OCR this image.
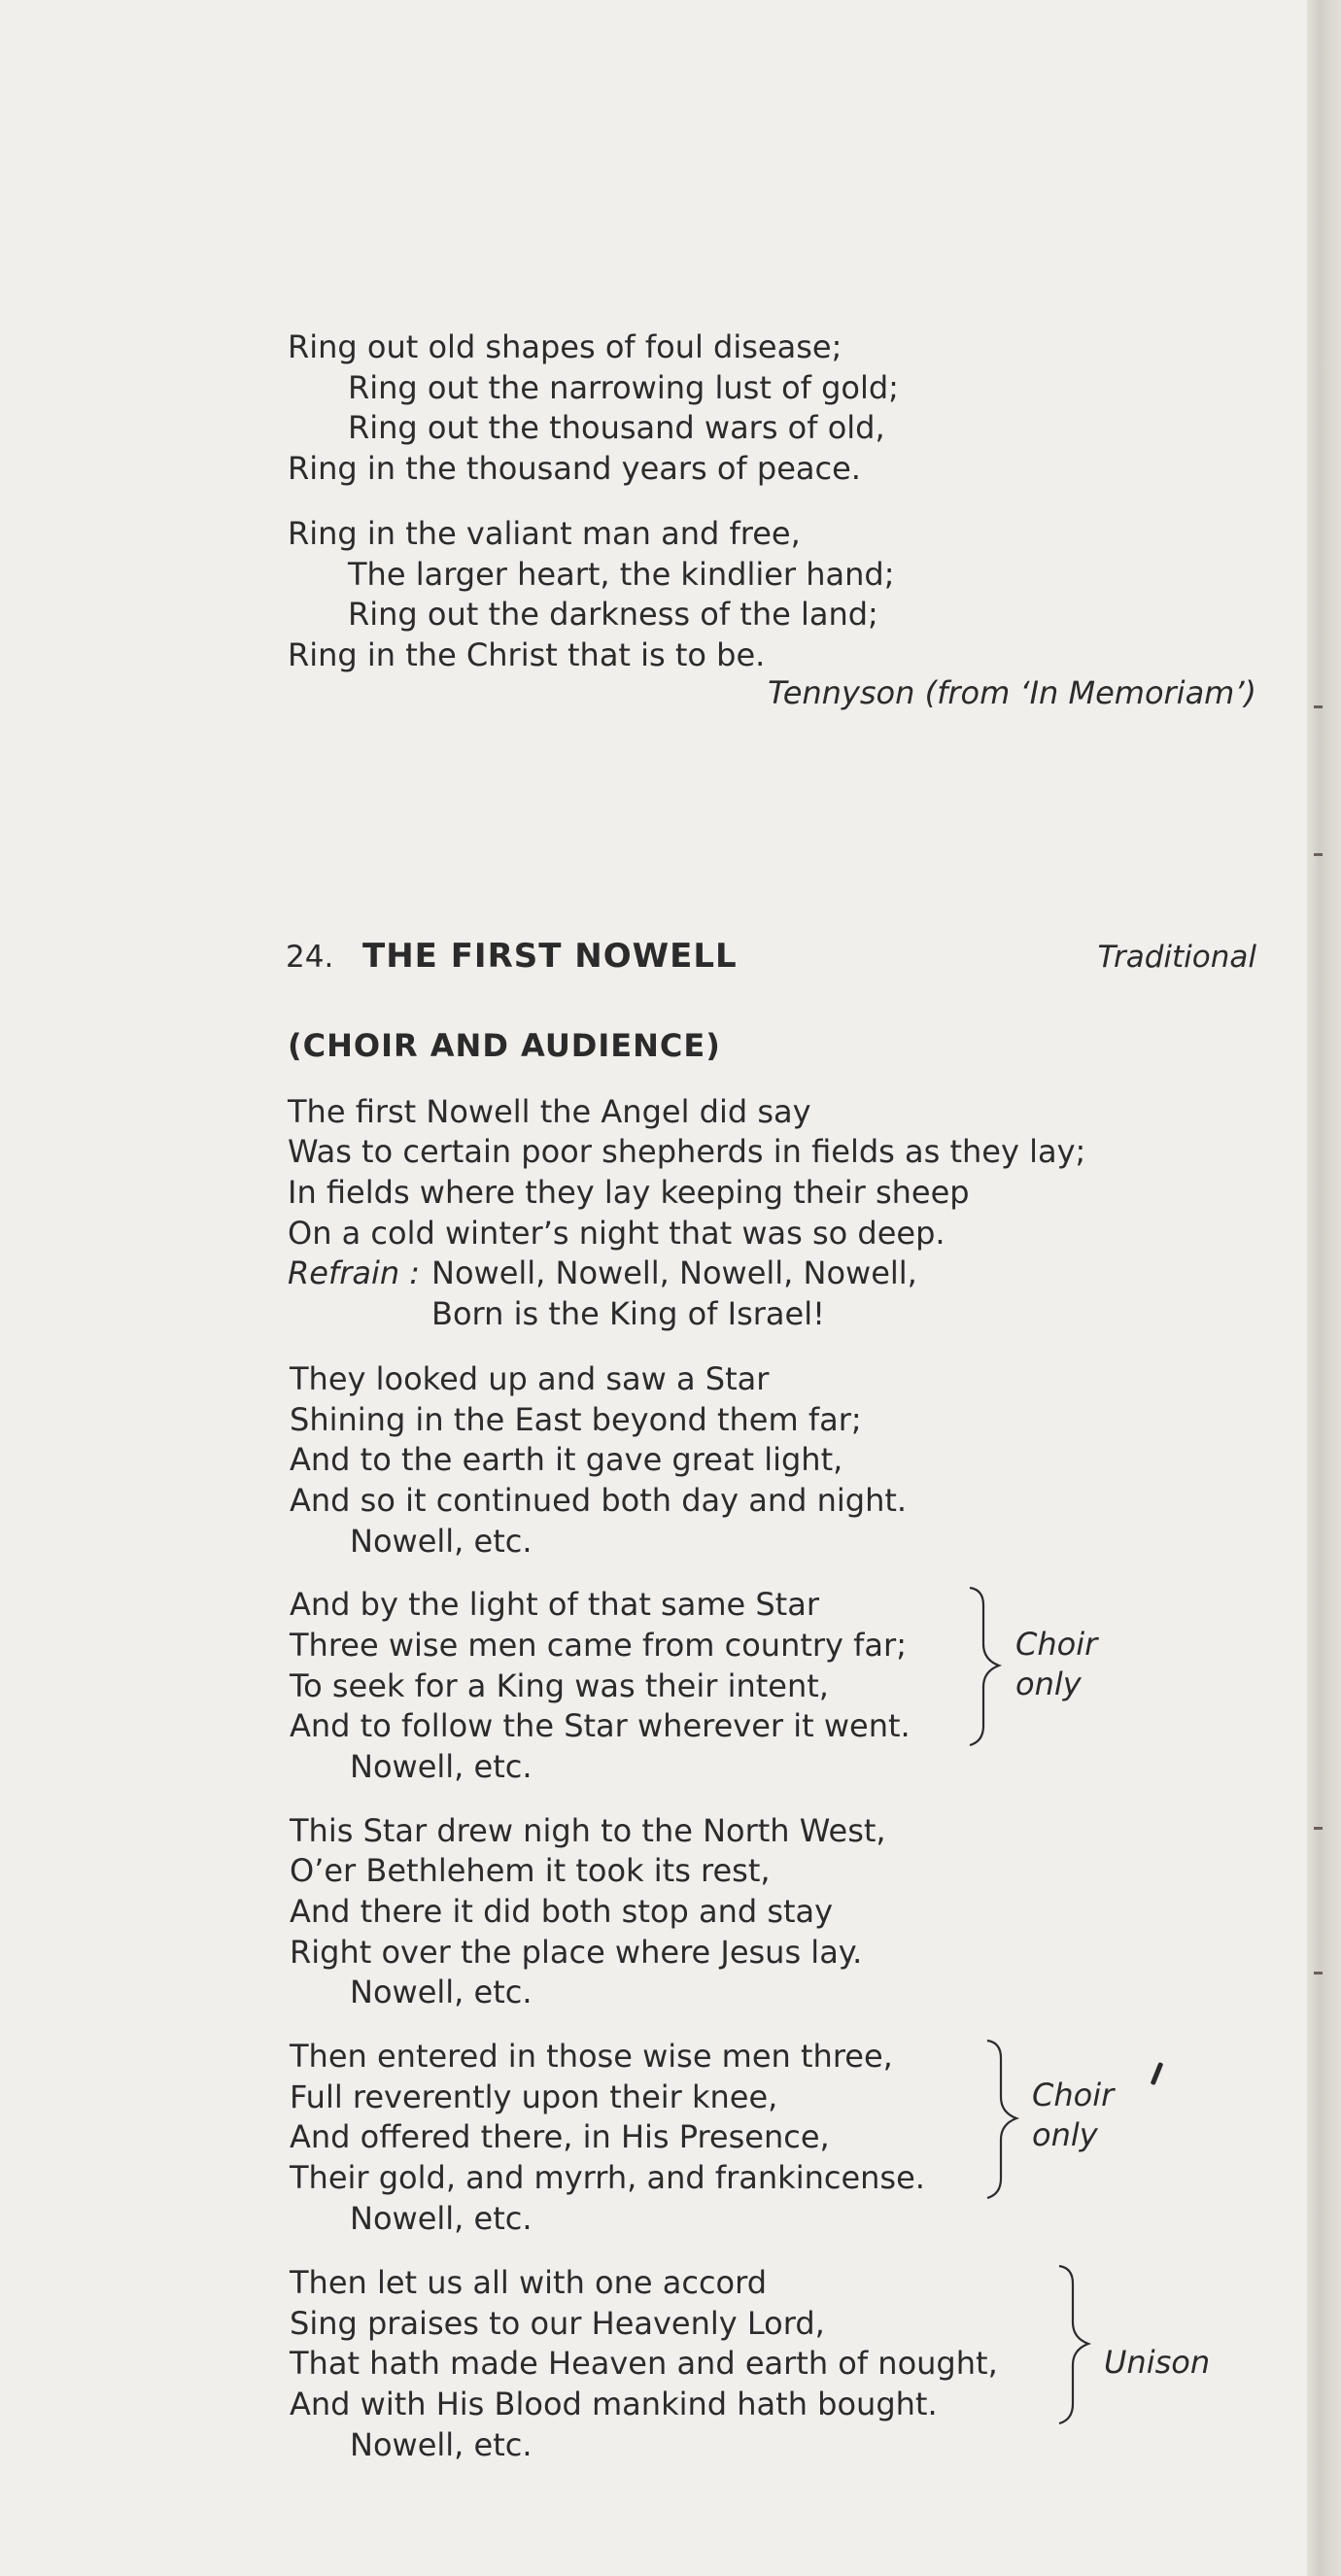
Ring out old shapes of foul disease;
Ring out the narrowing lust of gold;
Ring out the thousand wars of old,
Ring in the thousand years of peace.
Ring in the valiant man and free,
The larger heart, the kindlier hand;
Ring out the darkness of the land;
Ring in the Christ that is to be.
Tennyson (from ‘In Memoriam’)
24. THE FIRST NOWELL	Traditional
(CHOIR AND AUDIENCE)
The first Nowell the Angel did say
Was to certain poor shepherds in fields as they lay;
In fields where they lay keeping their sheep
On a cold winter’s night that was so deep.
Refrain : Nowell, Nowell, Nowell, Nowell,
Born is the King of Israel!
They looked up and saw a Star
Shining in the East beyond them far;
And to the earth it gave great light,
And so it continued both day and night.
Nowell, etc.
And by the light of that same Star
Three wise men came from country far;
To seek for a King was their intent,
And to follow the Star wherever it went.
Nowell, etc.
Choir
only
This Star drew nigh to the North West,
O’er Bethlehem it took its rest,
And there it did both stop and stay
Right over the place where Jesus lay.
Nowell, etc.
Then entered in those wise men three,
Full reverently upon their knee,
And offered there, in His Presence,
Their gold, and myrrh, and frankincense.
Nowell, etc.
Choir
only
Then let us all with one accord
Sing praises to our Heavenly Lord,
That hath made Heaven and earth of nought,
And with His Blood mankind hath bought.
Nowell, etc.
Unison
